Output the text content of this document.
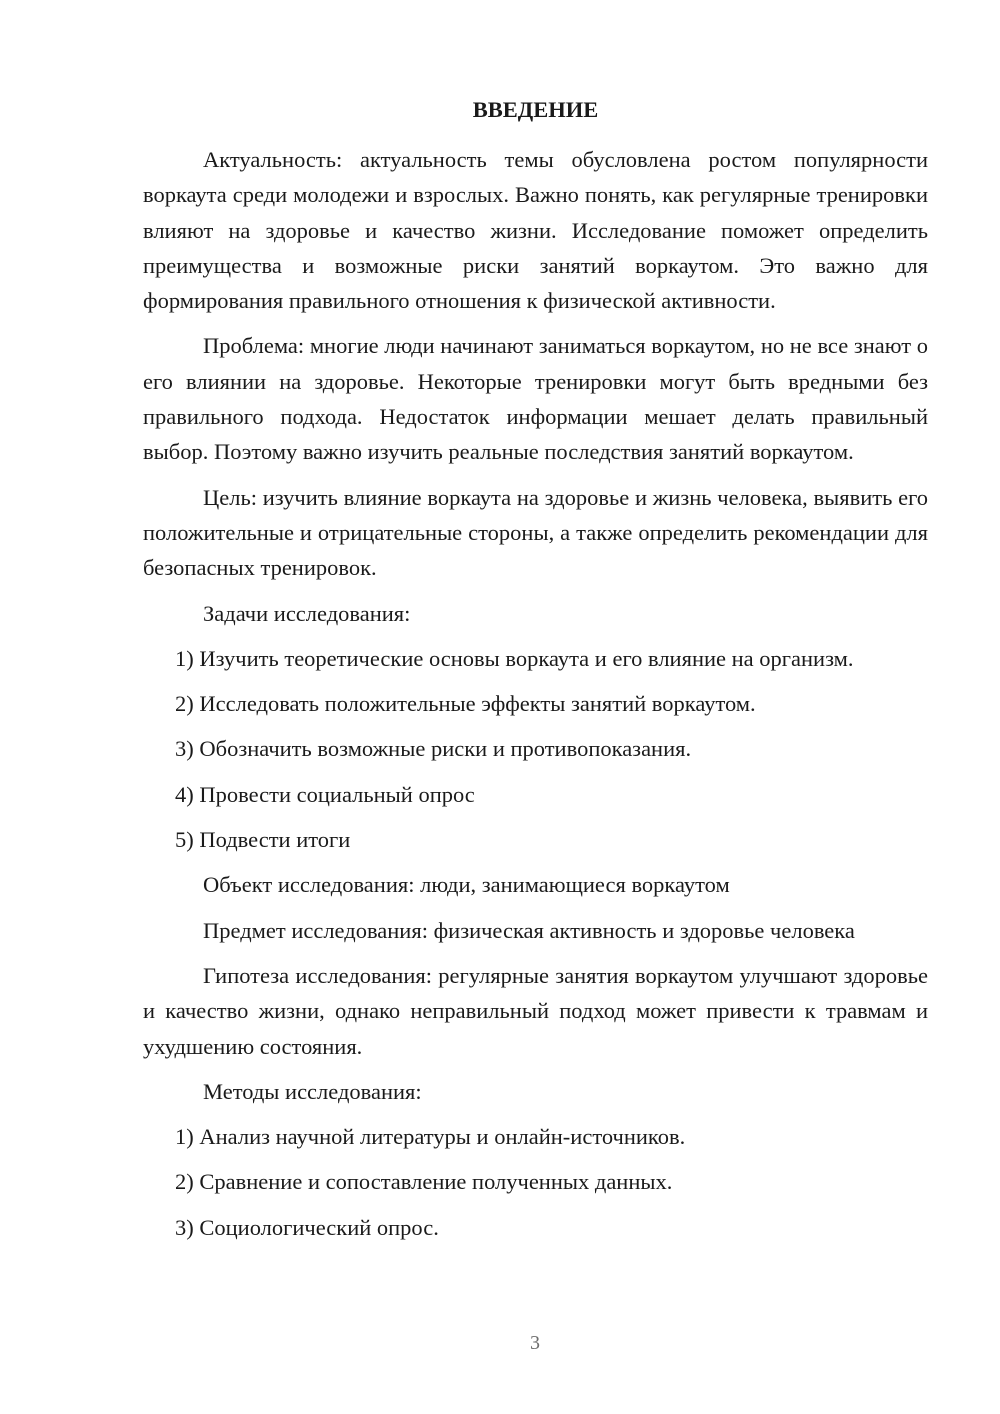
ВВЕДЕНИЕ

Актуальность: актуальность темы обусловлена ростом популярности воркаута среди молодежи и взрослых. Важно понять, как регулярные тренировки влияют на здоровье и качество жизни. Исследование поможет определить преимущества и возможные риски занятий воркаутом. Это важно для формирования правильного отношения к физической активности.

Проблема: многие люди начинают заниматься воркаутом, но не все знают о его влиянии на здоровье. Некоторые тренировки могут быть вредными без правильного подхода. Недостаток информации мешает делать правильный выбор. Поэтому важно изучить реальные последствия занятий воркаутом.

Цель: изучить влияние воркаута на здоровье и жизнь человека, выявить его положительные и отрицательные стороны, а также определить рекомендации для безопасных тренировок.

Задачи исследования:
1) Изучить теоретические основы воркаута и его влияние на организм.
2) Исследовать положительные эффекты занятий воркаутом.
3) Обозначить возможные риски и противопоказания.
4) Провести социальный опрос
5) Подвести итоги
Объект исследования: люди, занимающиеся воркаутом
Предмет исследования: физическая активность и здоровье человека

Гипотеза исследования: регулярные занятия воркаутом улучшают здоровье и качество жизни, однако неправильный подход может привести к травмам и ухудшению состояния.

Методы исследования:
1) Анализ научной литературы и онлайн-источников.
2) Сравнение и сопоставление полученных данных.
3) Социологический опрос.
3
